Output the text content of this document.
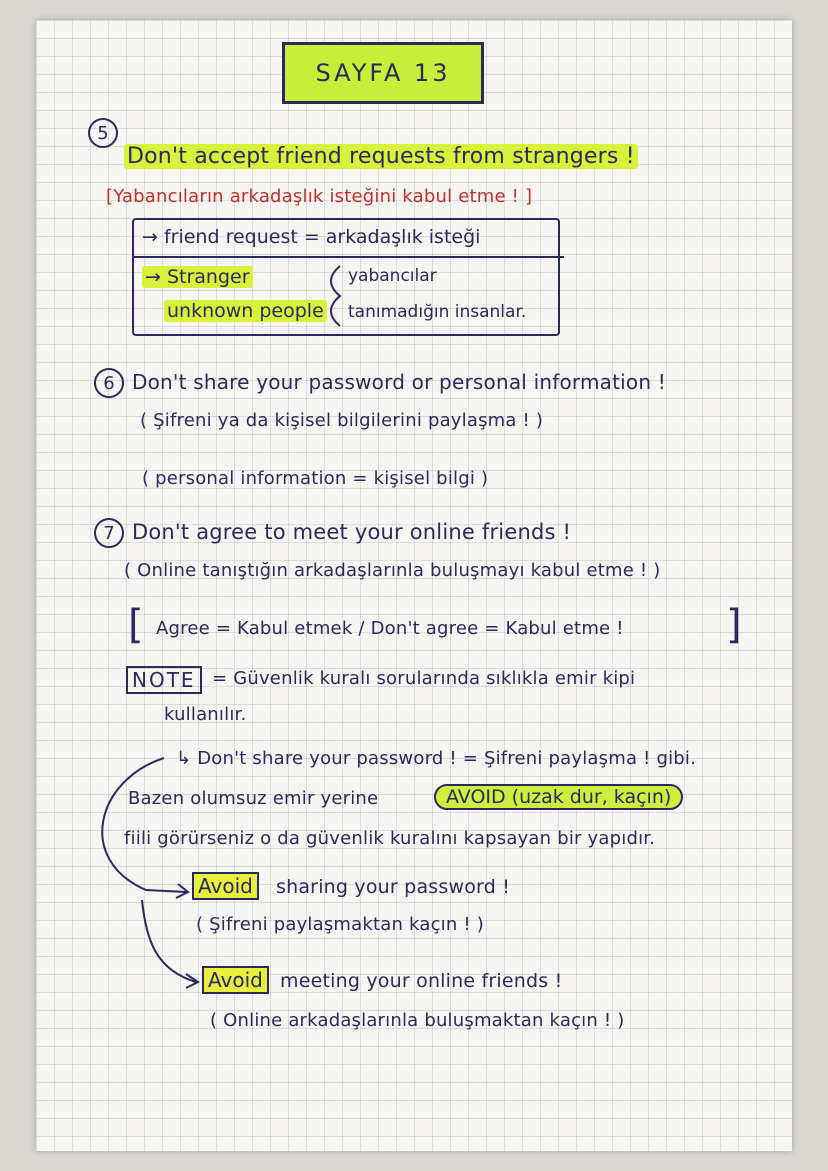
SAYFA 13
5
Don't accept friend requests from strangers !
[Yabancıların arkadaşlık isteğini kabul etme ! ]
→ friend request = arkadaşlık isteği
→ Stranger
unknown people
yabancılar
tanımadığın insanlar.
6 Don't share your password or personal information !
( Şifreni ya da kişisel bilgilerini paylaşma ! )
( personal information = kişisel bilgi )
7 Don't agree to meet your online friends !
( Online tanıştığın arkadaşlarınla buluşmayı kabul etme ! )
[ Agree = Kabul etmek / Don't agree = Kabul etme !	]
NOTE = Güvenlik kuralı sorularında sıklıkla emir kipi
kullanılır.
↳ Don't share your password ! = Şifreni paylaşma ! gibi.
Bazen olumsuz emir yerine	AVOID (uzak dur, kaçın)
fiili görürseniz o da güvenlik kuralını kapsayan bir yapıdır.
Avoid	sharing your password !
( Şifreni paylaşmaktan kaçın ! )
Avoid meeting your online friends !
( Online arkadaşlarınla buluşmaktan kaçın ! )
